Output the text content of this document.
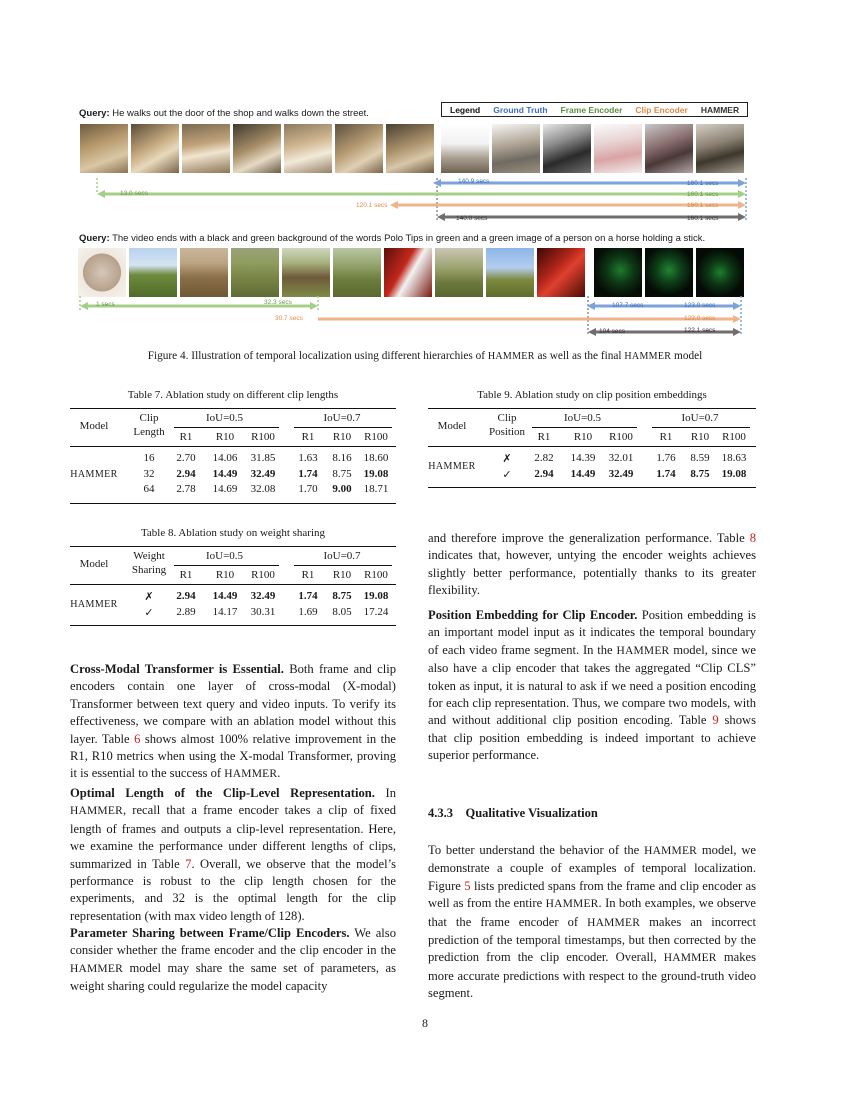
Query: He walks out the door of the shop and walks down the street.	Legend Ground Truth Frame Encoder Clip Encoder HAMMER
140.9 secs	160.1 secs
13.0 secs	160.1 secs
120.1 secs	160.1 secs
140.0 secs	160.1 secs
Query: The video ends with a black and green background of the words Polo Tips in green and a green image of a person on a horse holding a stick.
1 secs	32.3 secs	107.7 secs	123.0 secs
30.7 secs	123.0 secs
104 secs	122.1 secs
Figure 4. Illustration of temporal localization using different hierarchies of HAMMER as well as the final HAMMER model
Table 7. Ablation study on different clip lengths	Table 9. Ablation study on clip position embeddings
Table 8. Ablation study on weight sharing
Model
Clip
Length
IoU=0.5	IoU=0.7
R1	R10	R100	R1	R10	R100
HAMMER
16	2.70	14.06	31.85	1.63	8.16	18.60
32	2.94	14.49	32.49	1.74	8.75	19.08
64	2.78	14.69	32.08	1.70	9.00	18.71
Model
Clip
Position
IoU=0.5	IoU=0.7
R1	R10	R100	R1	R10	R100
HAMMER
✗	2.82	14.39	32.01	1.76	8.59	18.63
✓	2.94	14.49	32.49	1.74	8.75	19.08
Model
Weight
Sharing
IoU=0.5	IoU=0.7
R1	R10	R100	R1	R10	R100
HAMMER
✗	2.94	14.49	32.49	1.74	8.75	19.08
✓	2.89	14.17	30.31	1.69	8.05	17.24
Cross-Modal Transformer is Essential. Both frame and clip encoders contain one layer of cross-modal (X-modal) Transformer between text query and video inputs. To verify its effectiveness, we compare with an ablation model without this layer. Table 6 shows almost 100% relative improvement in the R1, R10 metrics when using the X-modal Transformer, proving it is essential to the success of HAMMER.
Optimal Length of the Clip-Level Representation. In HAMMER, recall that a frame encoder takes a clip of fixed length of frames and outputs a clip-level representation. Here, we examine the performance under different lengths of clips, summarized in Table 7. Overall, we observe that the model’s performance is robust to the clip length chosen for the experiments, and 32 is the optimal length for the clip representation (with max video length of 128).
Parameter Sharing between Frame/Clip Encoders. We also consider whether the frame encoder and the clip encoder in the HAMMER model may share the same set of parameters, as weight sharing could regularize the model capacity
and therefore improve the generalization performance. Table 8 indicates that, however, untying the encoder weights achieves slightly better performance, potentially thanks to its greater flexibility.
Position Embedding for Clip Encoder. Position embedding is an important model input as it indicates the temporal boundary of each video frame segment. In the HAMMER model, since we also have a clip encoder that takes the aggregated “Clip CLS” token as input, it is natural to ask if we need a position encoding for each clip representation. Thus, we compare two models, with and without additional clip position encoding. Table 9 shows that clip position embedding is indeed important to achieve superior performance.
4.3.3 Qualitative Visualization
To better understand the behavior of the HAMMER model, we demonstrate a couple of examples of temporal localization. Figure 5 lists predicted spans from the frame and clip encoder as well as from the entire HAMMER. In both examples, we observe that the frame encoder of HAMMER makes an incorrect prediction of the temporal timestamps, but then corrected by the prediction from the clip encoder. Overall, HAMMER makes more accurate predictions with respect to the ground-truth video segment.
8
